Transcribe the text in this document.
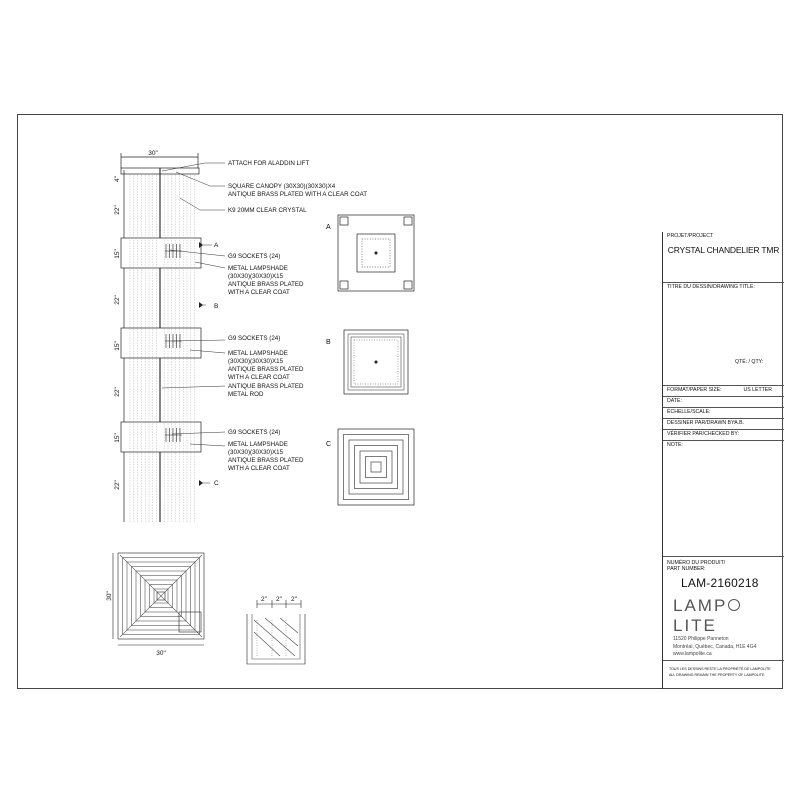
ATTACH FOR ALADDIN LIFT
SQUARE CANOPY (30X30)(30X30)X4
ANTIQUE BRASS PLATED WITH A CLEAR COAT
K9 20MM CLEAR CRYSTAL
G9 SOCKETS (24)
METAL LAMPSHADE
(30X30)(30X30)X15
ANTIQUE BRASS PLATED
WITH A CLEAR COAT
G9 SOCKETS (24)
METAL LAMPSHADE
(30X30)(30X30)X15
ANTIQUE BRASS PLATED
WITH A CLEAR COAT
ANTIQUE BRASS PLATED
METAL ROD
G9 SOCKETS (24)
METAL LAMPSHADE
(30X30)(30X30)X15
ANTIQUE BRASS PLATED
WITH A CLEAR COAT
A
B
C
30"
4"
22"
15"
22"
15"
22"
15"
22"
A
B
C
30"
30"
2" 2" 2"
PROJET/PROJECT
CRYSTAL CHANDELIER TMR
TITRE DU DESSIN/DRAWING TITLE:
QTÉ: / QTY:
FORMAT/PAPER SIZE:	US LETTER
DATE:
ÉCHELLE/SCALE:
DESSINER PAR/DRAWN BY:
A.B.
VÉRIFIER PAR/CHECKED BY:
NOTE:
NUMÉRO DU PRODUIT/
PART NUMBER:
LAM-2160218
LAMPLITE
11520 Philippe Panneton
Montréal, Québec, Canada, H1E 4G4
www.lampolite.ca
TOUS LES DESSINS RESTE LA PROPRIÉTÉ DE LAMPOLITE
ALL DRAWING REMAIN THE PROPERTY OF LAMPOLITE
